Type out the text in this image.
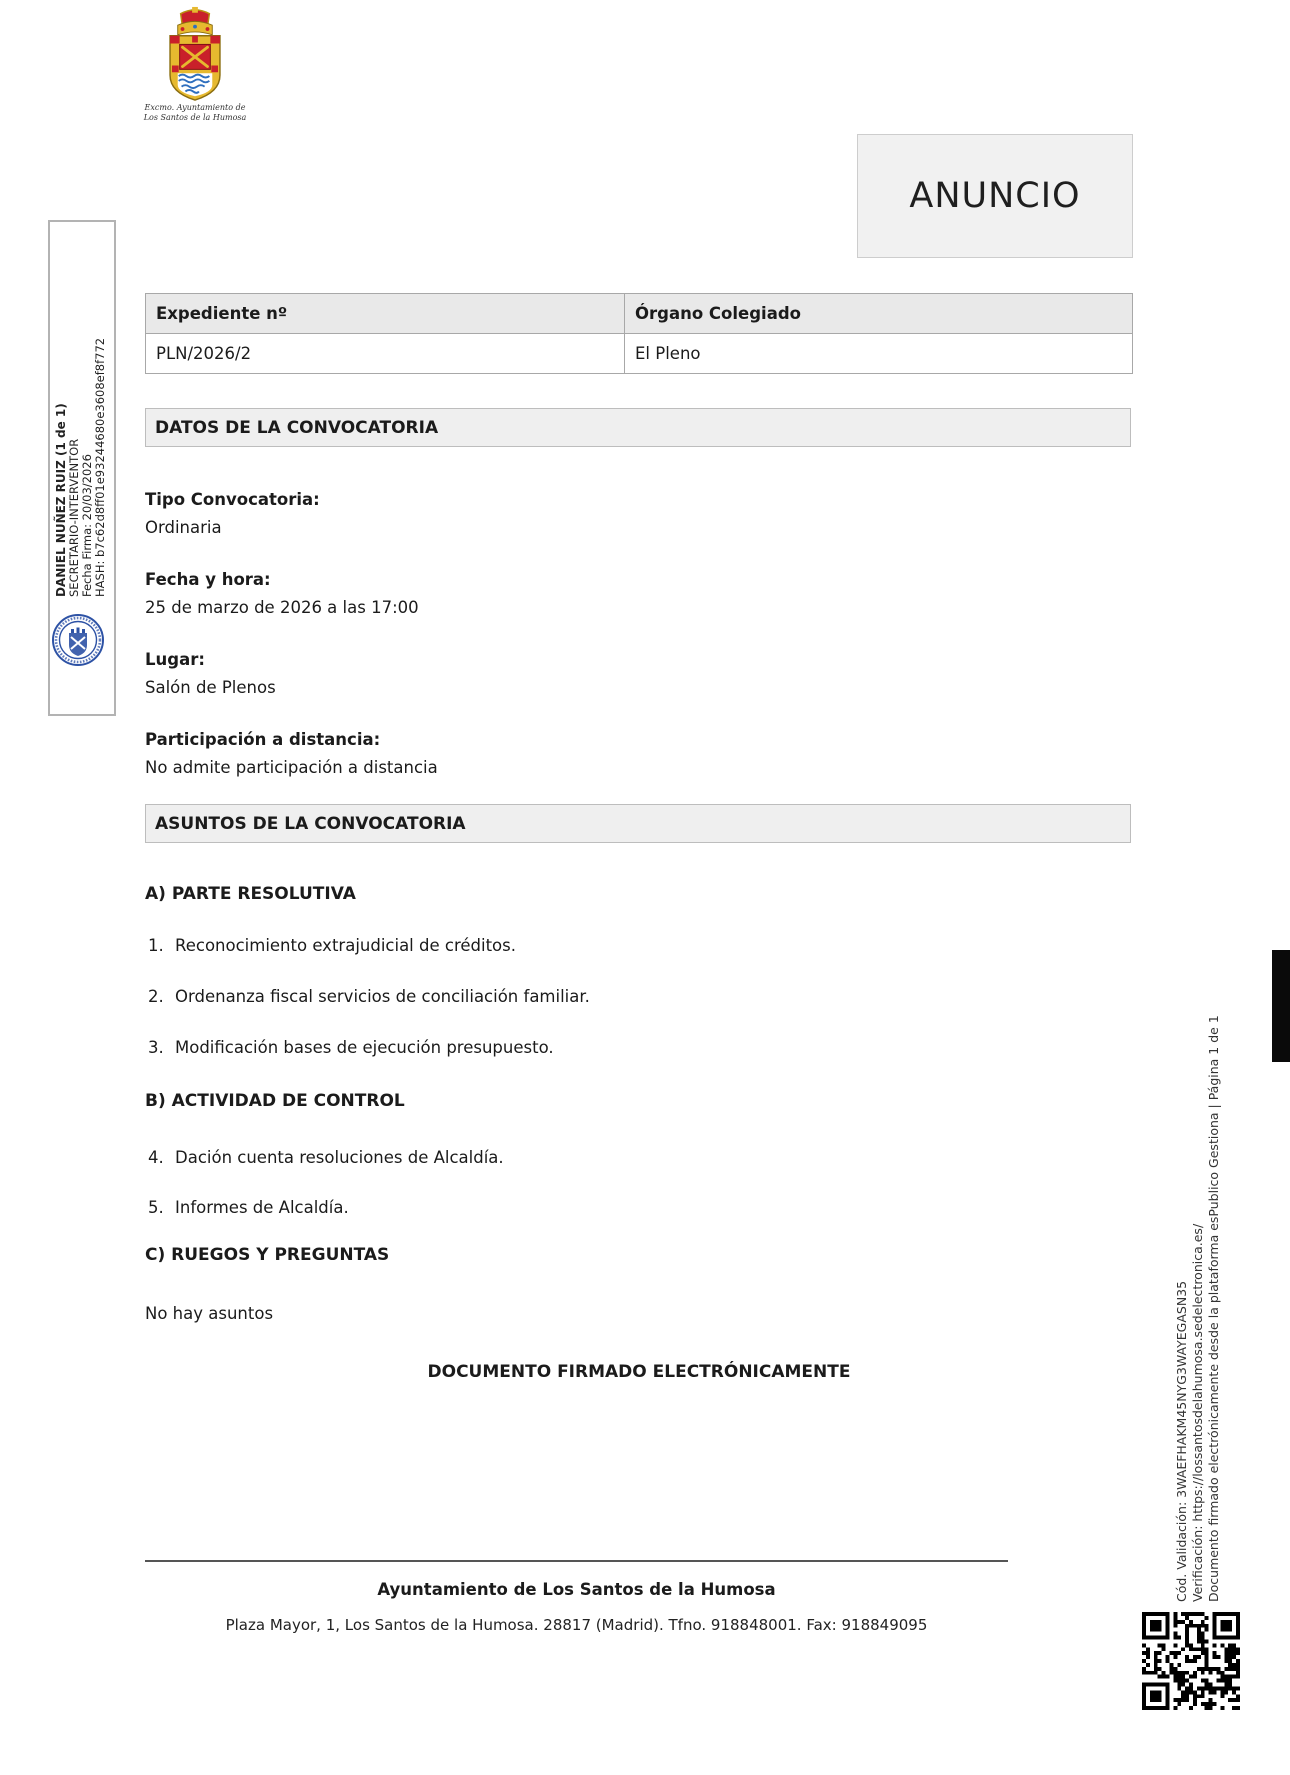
Excmo. Ayuntamiento de
Los Santos de la Humosa
ANUNCIO
DANIEL NUÑEZ RUIZ (1 de 1) SECRETARIO-INTERVENTOR Fecha Firma: 20/03/2026 HASH: b7c62d8ff01e93244680e3608ef8f772
Expediente nº	Órgano Colegiado
PLN/2026/2	El Pleno
DATOS DE LA CONVOCATORIA
Tipo Convocatoria:
Ordinaria
Fecha y hora:
25 de marzo de 2026 a las 17:00
Lugar:
Salón de Plenos
Participación a distancia:
No admite participación a distancia
ASUNTOS DE LA CONVOCATORIA
A) PARTE RESOLUTIVA
1. Reconocimiento extrajudicial de créditos.
2. Ordenanza fiscal servicios de conciliación familiar.
3. Modificación bases de ejecución presupuesto.
B) ACTIVIDAD DE CONTROL
4. Dación cuenta resoluciones de Alcaldía.
5. Informes de Alcaldía.
C) RUEGOS Y PREGUNTAS
No hay asuntos
DOCUMENTO FIRMADO ELECTRÓNICAMENTE	Cód. Validación: 3WAEFHAKM45NYG3WAYEGASN35 Verificación: https://lossantosdelahumosa.sedelectronica.es/ Documento firmado electrónicamente desde la plataforma esPublico Gestiona | Página 1 de 1
Ayuntamiento de Los Santos de la Humosa
Plaza Mayor, 1, Los Santos de la Humosa. 28817 (Madrid). Tfno. 918848001. Fax: 918849095
